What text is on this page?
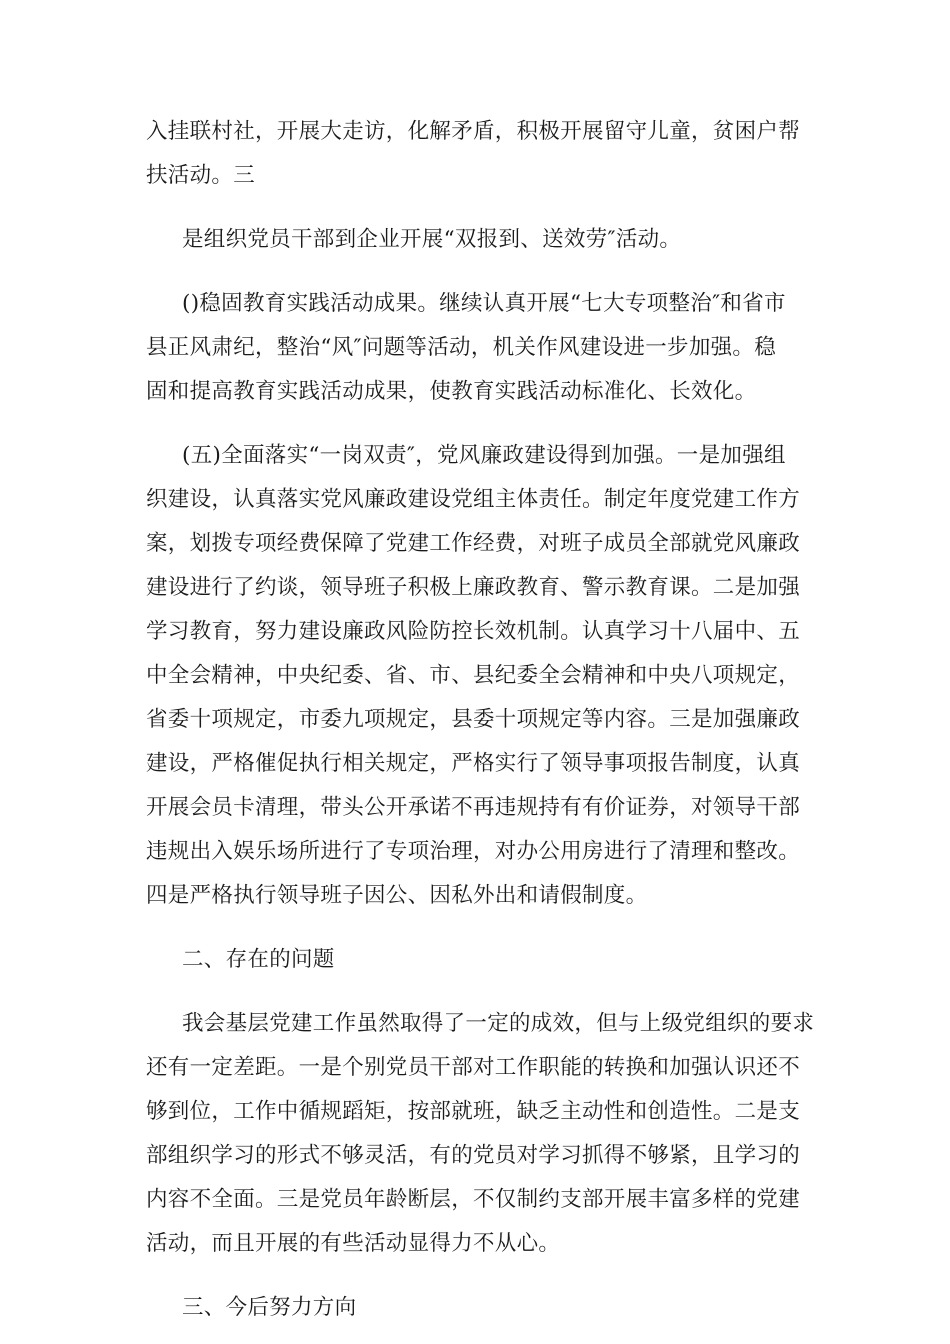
入挂联村社，开展大走访，化解矛盾，积极开展留守儿童，贫困户帮
扶活动。三

是组织党员干部到企业开展“双报到、送效劳″活动。

()稳固教育实践活动成果。继续认真开展“七大专项整治″和省市
县正风肃纪，整治“风″问题等活动，机关作风建设进一步加强。稳
固和提高教育实践活动成果，使教育实践活动标准化、长效化。

(五)全面落实“一岗双责″，党风廉政建设得到加强。一是加强组
织建设，认真落实党风廉政建设党组主体责任。制定年度党建工作方
案，划拨专项经费保障了党建工作经费，对班子成员全部就党风廉政
建设进行了约谈，领导班子积极上廉政教育、警示教育课。二是加强
学习教育，努力建设廉政风险防控长效机制。认真学习十八届中、五
中全会精神，中央纪委、省、市、县纪委全会精神和中央八项规定，
省委十项规定，市委九项规定，县委十项规定等内容。三是加强廉政
建设，严格催促执行相关规定，严格实行了领导事项报告制度，认真
开展会员卡清理，带头公开承诺不再违规持有有价证券，对领导干部
违规出入娱乐场所进行了专项治理，对办公用房进行了清理和整改。
四是严格执行领导班子因公、因私外出和请假制度。

二、存在的问题

我会基层党建工作虽然取得了一定的成效，但与上级党组织的要求
还有一定差距。一是个别党员干部对工作职能的转换和加强认识还不
够到位，工作中循规蹈矩，按部就班，缺乏主动性和创造性。二是支
部组织学习的形式不够灵活，有的党员对学习抓得不够紧，且学习的
内容不全面。三是党员年龄断层，不仅制约支部开展丰富多样的党建
活动，而且开展的有些活动显得力不从心。

三、今后努力方向
